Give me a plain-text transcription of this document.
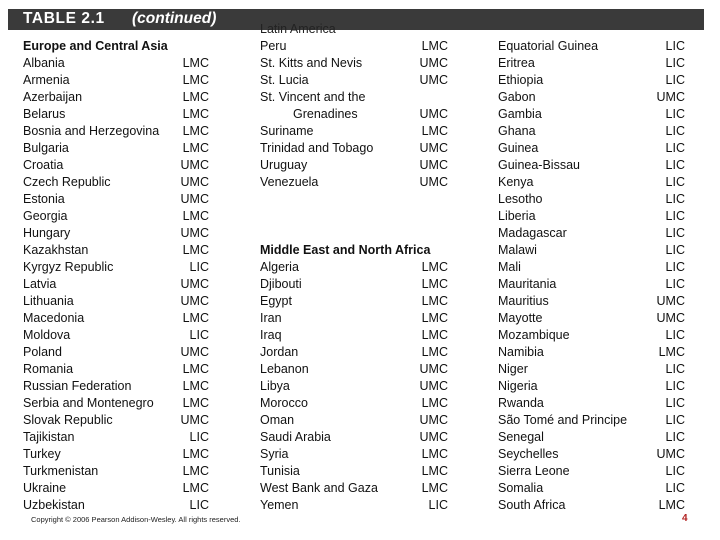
TABLE 2.1 (continued)
Latin America
Europe and Central Asia
Albania	LMC
Armenia	LMC
Azerbaijan	LMC
Belarus	LMC
Bosnia and Herzegovina LMC
Bulgaria	LMC
Croatia	UMC
Czech Republic	UMC
Estonia	UMC
Georgia	LMC
Hungary	UMC
Kazakhstan	LMC
Kyrgyz Republic	LIC
Latvia	UMC
Lithuania	UMC
Macedonia	LMC
Moldova	LIC
Poland	UMC
Romania	LMC
Russian Federation	LMC
Serbia and Montenegro LMC
Slovak Republic	UMC
Tajikistan	LIC
Turkey	LMC
Turkmenistan	LMC
Ukraine	LMC
Uzbekistan	LIC
Peru	LMC
St. Kitts and Nevis	UMC
St. Lucia	UMC
St. Vincent and the
Grenadines	UMC
Suriname	LMC
Trinidad and Tobago	UMC
Uruguay	UMC
Venezuela	UMC
Middle East and North Africa
Algeria	LMC
Djibouti	LMC
Egypt	LMC
Iran	LMC
Iraq	LMC
Jordan	LMC
Lebanon	UMC
Libya	UMC
Morocco	LMC
Oman	UMC
Saudi Arabia	UMC
Syria	LMC
Tunisia	LMC
West Bank and Gaza	LMC
Yemen	LIC
Equatorial Guinea	LIC
Eritrea	LIC
Ethiopia	LIC
Gabon	UMC
Gambia	LIC
Ghana	LIC
Guinea	LIC
Guinea-Bissau	LIC
Kenya	LIC
Lesotho	LIC
Liberia	LIC
Madagascar	LIC
Malawi	LIC
Mali	LIC
Mauritania	LIC
Mauritius	UMC
Mayotte	UMC
Mozambique	LIC
Namibia	LMC
Niger	LIC
Nigeria	LIC
Rwanda	LIC
São Tomé and Principe	LIC
Senegal	LIC
Seychelles	UMC
Sierra Leone	LIC
Somalia	LIC
South Africa	LMC
Copyright © 2006 Pearson Addison-Wesley. All rights reserved.	4
